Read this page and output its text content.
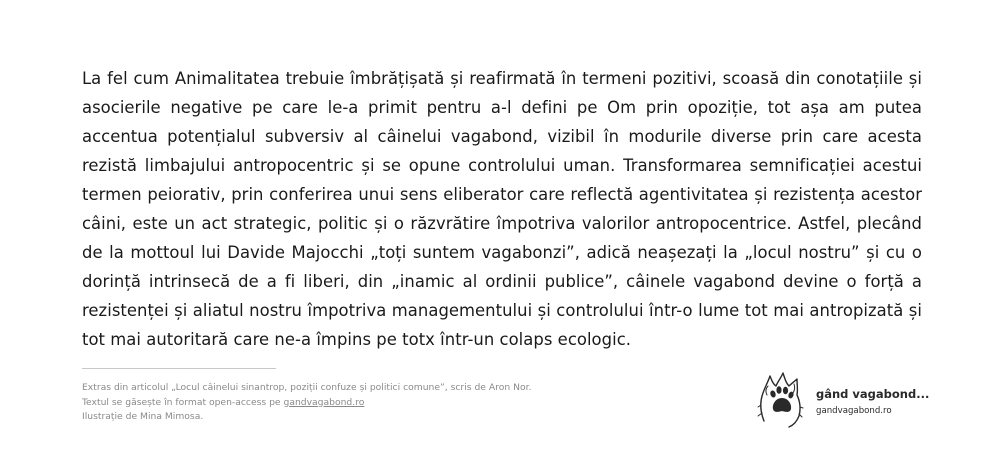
La fel cum Animalitatea trebuie îmbrățișată și reafirmată în termeni pozitivi, scoasă din conotațiile și asocierile negative pe care le-a primit pentru a-l defini pe Om prin opoziție, tot așa am putea accentua potențialul subversiv al câinelui vagabond, vizibil în modurile diverse prin care acesta rezistă limbajului antropocentric și se opune controlului uman. Transformarea semnificației acestui termen peiorativ, prin conferirea unui sens eliberator care reflectă agentivitatea și rezistența acestor câini, este un act strategic, politic și o răzvrătire împotriva valorilor antropocentrice. Astfel, plecând de la mottoul lui Davide Majocchi „toți suntem vagabonzi”, adică neașezați la „locul nostru” și cu o dorință intrinsecă de a fi liberi, din „inamic al ordinii publice”, câinele vagabond devine o forță a rezistenței și aliatul nostru împotriva managementului și controlului într-o lume tot mai antropizată și tot mai autoritară care ne-a împins pe totx într-un colaps ecologic.

Extras din articolul „Locul câinelui sinantrop, poziții confuze și politici comune”, scris de Aron Nor.
Textul se găsește în format open-access pe gandvagabond.ro
Ilustrație de Mina Mimosa.
gând vagabond...
gandvagabond.ro
